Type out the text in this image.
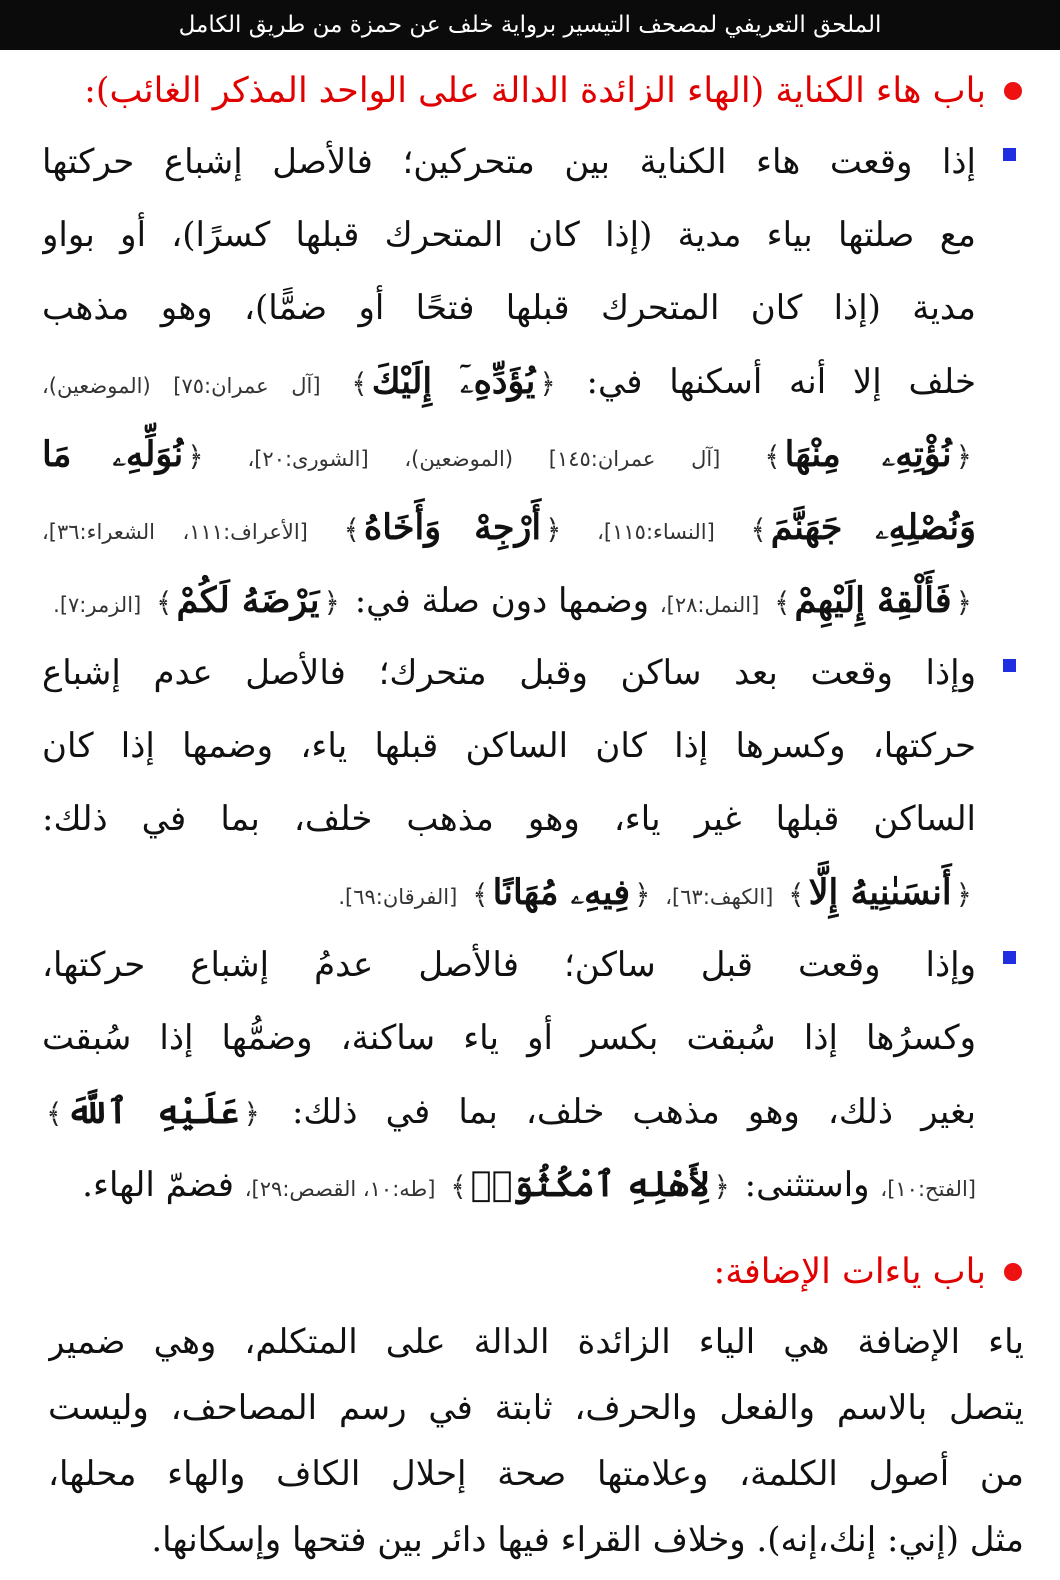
الملحق التعريفي لمصحف التيسير برواية خلف عن حمزة من طريق الكامل
باب هاء الكناية (الهاء الزائدة الدالة على الواحد المذكر الغائب):
إذا وقعت هاء الكناية بين متحركين؛ فالأصل إشباع حركتها
مع صلتها بياء مدية (إذا كان المتحرك قبلها كسرًا)، أو بواو
مدية (إذا كان المتحرك قبلها فتحًا أو ضمًّا)، وهو مذهب
خلف إلا أنه أسكنها في: ﴿يُؤَدِّهِۦٓ إِلَيْكَ﴾ [آل عمران:٧٥] (الموضعين)،
﴿نُؤْتِهِۦ مِنْهَا﴾ [آل عمران:١٤٥] (الموضعين)، [الشورى:٢٠]، ﴿نُوَلِّهِۦ مَا
وَنُصْلِهِۦ جَهَنَّمَ﴾ [النساء:١١٥]، ﴿أَرْجِهْ وَأَخَاهُ﴾ [الأعراف:١١١، الشعراء:٣٦]،
﴿فَأَلْقِهْ إِلَيْهِمْ﴾ [النمل:٢٨]، وضمها دون صلة في: ﴿يَرْضَهُ لَكُمْ﴾ [الزمر:٧].
وإذا وقعت بعد ساكن وقبل متحرك؛ فالأصل عدم إشباع
حركتها، وكسرها إذا كان الساكن قبلها ياء، وضمها إذا كان
الساكن قبلها غير ياء، وهو مذهب خلف، بما في ذلك:
﴿أَنسَىٰنِيهُ إِلَّا﴾ [الكهف:٦٣]، ﴿فِيهِۦ مُهَانًا﴾ [الفرقان:٦٩].
وإذا وقعت قبل ساكن؛ فالأصل عدمُ إشباع حركتها،
وكسرُها إذا سُبقت بكسر أو ياء ساكنة، وضمُّها إذا سُبقت
بغير ذلك، وهو مذهب خلف، بما في ذلك: ﴿عَلَيْهِ ٱللَّهَ﴾
[الفتح:١٠]، واستثنى: ﴿لِأَهْلِهِ ٱمْكُثُوٓا۟﴾ [طه:١٠، القصص:٢٩]، فضمّ الهاء.
باب ياءات الإضافة:
ياء الإضافة هي الياء الزائدة الدالة على المتكلم، وهي ضمير
يتصل بالاسم والفعل والحرف، ثابتة في رسم المصاحف، وليست
من أصول الكلمة، وعلامتها صحة إحلال الكاف والهاء محلها،
مثل (إني: إنك،إنه). وخلاف القراء فيها دائر بين فتحها وإسكانها.
